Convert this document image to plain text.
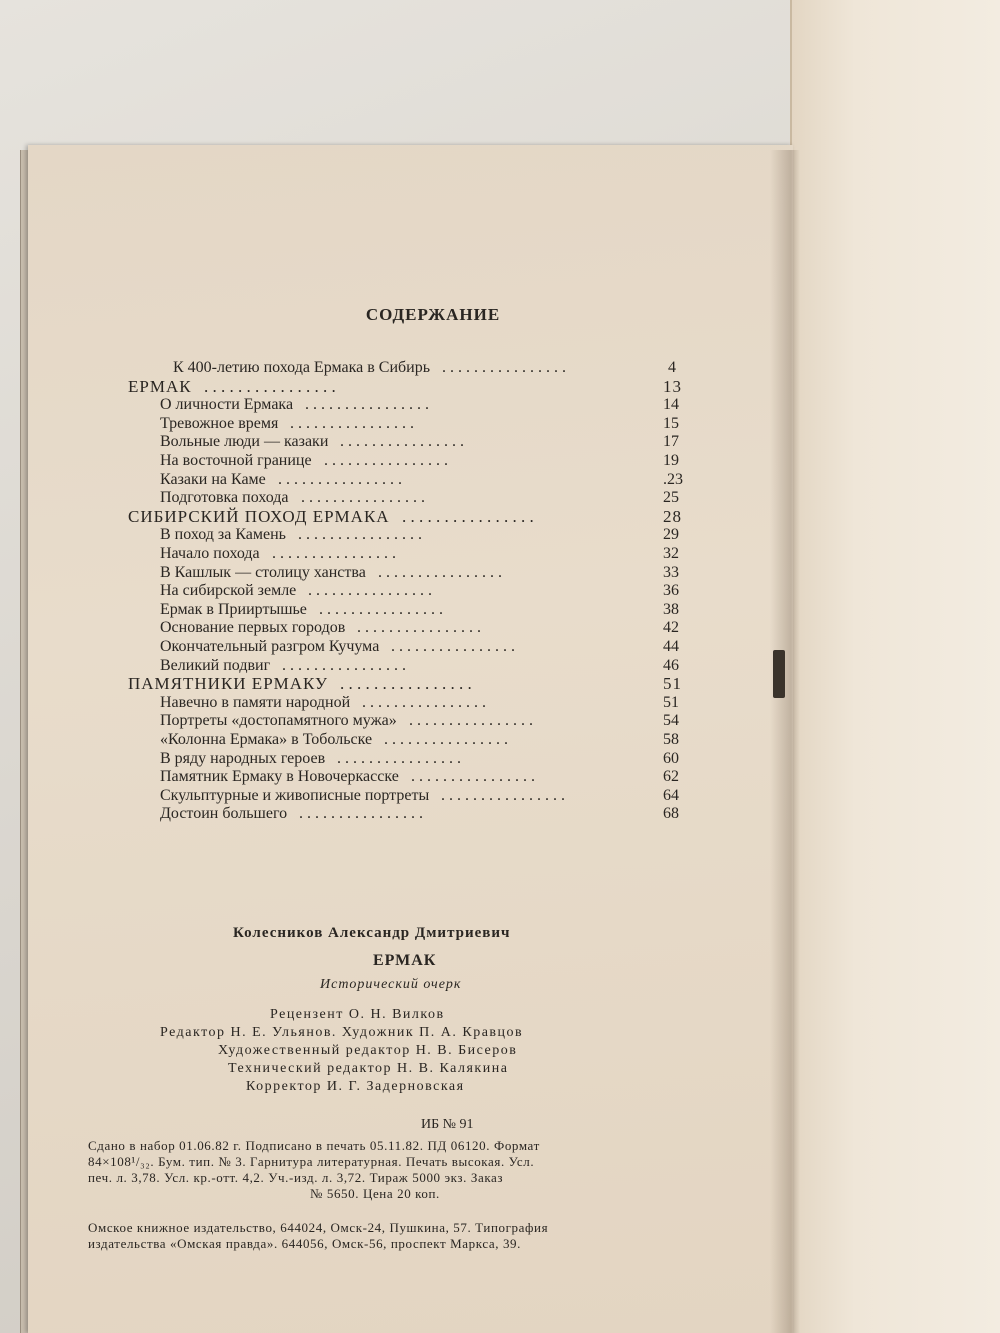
СОДЕРЖАНИЕ
К 400-летию похода Ермака в Сибирь . . . . . . . . . . . . . . . .	4
ЕРМАК . . . . . . . . . . . . . . . .	13
О личности Ермака . . . . . . . . . . . . . . . .	14
Тревожное время . . . . . . . . . . . . . . . .	15
Вольные люди — казаки . . . . . . . . . . . . . . . .	17
На восточной границе . . . . . . . . . . . . . . . .	19
Казаки на Каме . . . . . . . . . . . . . . . .	.23
Подготовка похода . . . . . . . . . . . . . . . .	25
СИБИРСКИЙ ПОХОД ЕРМАКА . . . . . . . . . . . . . . . .	28
В поход за Камень . . . . . . . . . . . . . . . .	29
Начало похода . . . . . . . . . . . . . . . .	32
В Кашлык — столицу ханства . . . . . . . . . . . . . . . .	33
На сибирской земле . . . . . . . . . . . . . . . .	36
Ермак в Прииртышье . . . . . . . . . . . . . . . .	38
Основание первых городов . . . . . . . . . . . . . . . .	42
Окончательный разгром Кучума . . . . . . . . . . . . . . . .	44
Великий подвиг . . . . . . . . . . . . . . . .	46
ПАМЯТНИКИ ЕРМАКУ . . . . . . . . . . . . . . . .	51
Навечно в памяти народной . . . . . . . . . . . . . . . .	51
Портреты «достопамятного мужа» . . . . . . . . . . . . . . . .	54
«Колонна Ермака» в Тобольске . . . . . . . . . . . . . . . .	58
В ряду народных героев . . . . . . . . . . . . . . . .	60
Памятник Ермаку в Новочеркасске . . . . . . . . . . . . . . . .	62
Скульптурные и живописные портреты . . . . . . . . . . . . . . . .	64
Достоин большего . . . . . . . . . . . . . . . .	68
Колесников Александр Дмитриевич
ЕРМАК
Исторический очерк
Рецензент О. Н. Вилков
Редактор Н. Е. Ульянов. Художник П. А. Кравцов
Художественный редактор Н. В. Бисеров
Технический редактор Н. В. Калякина
Корректор И. Г. Задерновская
ИБ № 91

Сдано в набор 01.06.82 г. Подписано в печать 05.11.82. ПД 06120. Формат

84×108¹/₃₂. Бум. тип. № 3. Гарнитура литературная. Печать высокая. Усл.

печ. л. 3,78. Усл. кр.-отт. 4,2. Уч.-изд. л. 3,72. Тираж 5000 экз. Заказ

№ 5650. Цена 20 коп.

Омское книжное издательство, 644024, Омск-24, Пушкина, 57. Типография

издательства «Омская правда». 644056, Омск-56, проспект Маркса, 39.
